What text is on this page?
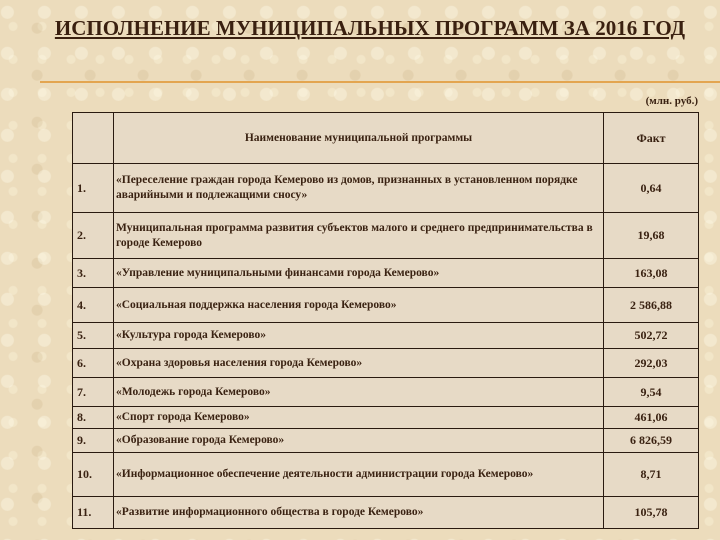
ИСПОЛНЕНИЕ МУНИЦИПАЛЬНЫХ ПРОГРАММ ЗА 2016 ГОД
(млн. руб.)
	Наименование муниципальной программы	Факт
1.	«Переселение граждан города Кемерово из домов, признанных в установленном порядке аварийными и подлежащими сносу»	0,64
2.	Муниципальная программа развития субъектов малого и среднего предпринимательства в городе Кемерово	19,68
3.	«Управление муниципальными финансами города Кемерово»	163,08
4.	«Социальная поддержка населения города Кемерово»	2 586,88
5.	«Культура города Кемерово»	502,72
6.	«Охрана здоровья населения города Кемерово»	292,03
7.	«Молодежь города Кемерово»	9,54
8.	«Спорт города Кемерово»	461,06
9.	«Образование города Кемерово»	6 826,59
10.	«Информационное обеспечение деятельности администрации города Кемерово»	8,71
11.	«Развитие информационного общества в городе Кемерово»	105,78
